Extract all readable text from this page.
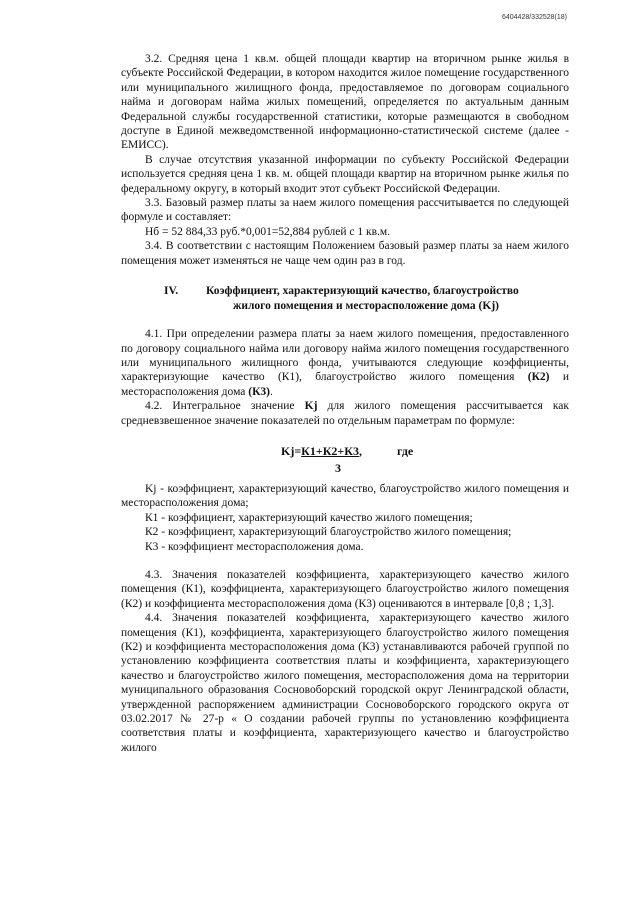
6404428/332528(18)

3.2. Средняя цена 1 кв.м. общей площади квартир на вторичном рынке жилья в субъекте Российской Федерации, в котором находится жилое помещение государственного или муниципального жилищного фонда, предоставляемое по договорам социального найма и договорам найма жилых помещений, определяется по актуальным данным Федеральной службы государственной статистики, которые размещаются в свободном доступе в Единой межведомственной информационно-статистической системе (далее - ЕМИСС).

В случае отсутствия указанной информации по субъекту Российской Федерации используется средняя цена 1 кв. м. общей площади квартир на вторичном рынке жилья по федеральному округу, в который входит этот субъект Российской Федерации.

3.3. Базовый размер платы за наем жилого помещения рассчитывается по следующей формуле и составляет:

Нб = 52 884,33 руб.*0,001=52,884 рублей с 1 кв.м.

3.4. В соответствии с настоящим Положением базовый размер платы за наем жилого помещения может изменяться не чаще чем один раз в год.

IV. Коэффициент, характеризующий качество, благоустройство
жилого помещения и месторасположение дома (Kj)

4.1. При определении размера платы за наем жилого помещения, предоставленного по договору социального найма или договору найма жилого помещения государственного или муниципального жилищного фонда, учитываются следующие коэффициенты, характеризующие качество (К1), благоустройство жилого помещения (К2) и месторасположения дома (К3).

4.2. Интегральное значение Kj для жилого помещения рассчитывается как средневзвешенное значение показателей по отдельным параметрам по формуле:

Kj=К1+К2+К3,	где
3

Kj - коэффициент, характеризующий качество, благоустройство жилого помещения и месторасположения дома;

К1 - коэффициент, характеризующий качество жилого помещения;

К2 - коэффициент, характеризующий благоустройство жилого помещения;

К3 - коэффициент месторасположения дома.

4.3. Значения показателей коэффициента, характеризующего качество жилого помещения (К1), коэффициента, характеризующего благоустройство жилого помещения (К2) и коэффициента месторасположения дома (К3) оцениваются в интервале [0,8 ; 1,3].

4.4. Значения показателей коэффициента, характеризующего качество жилого помещения (К1), коэффициента, характеризующего благоустройство жилого помещения (К2) и коэффициента месторасположения дома (К3) устанавливаются рабочей группой по установлению коэффициента соответствия платы и коэффициента, характеризующего качество и благоустройство жилого помещения, месторасположения дома на территории муниципального образования Сосновоборский городской округ Ленинградской области, утвержденной распоряжением администрации Сосновоборского городского округа от 03.02.2017 № 27-р « О создании рабочей группы по установлению коэффициента соответствия платы и коэффициента, характеризующего качество и благоустройство жилого
